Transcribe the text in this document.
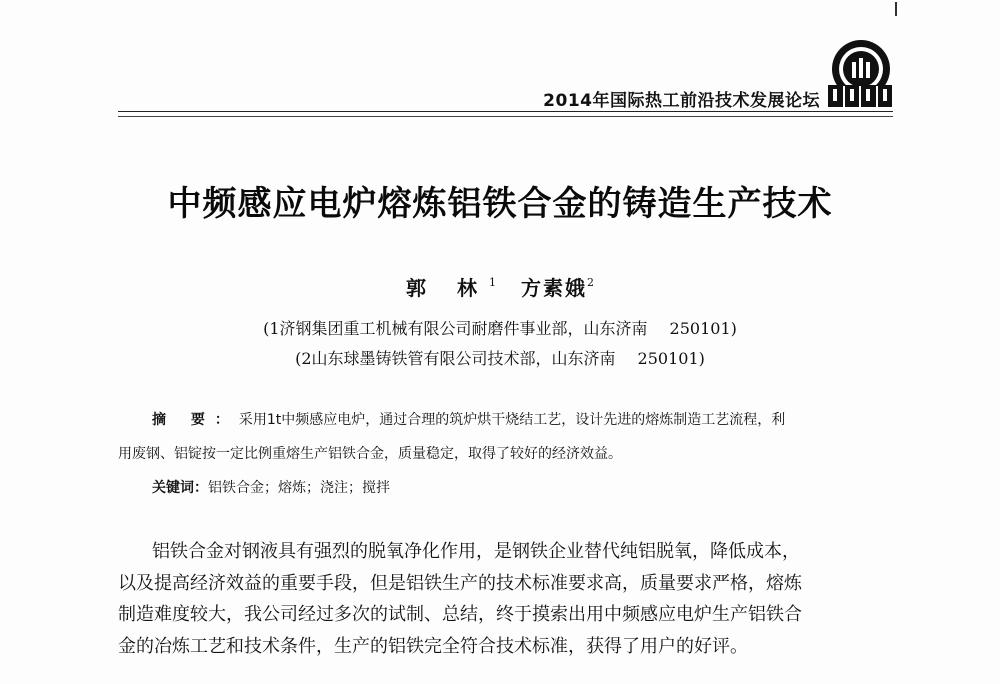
2014年国际热工前沿技术发展论坛
中频感应电炉熔炼铝铁合金的铸造生产技术
郭 林$^1$ 方素娥$^2$
(1济钢集团重工机械有限公司耐磨件事业部，山东济南 250101)
(2山东球墨铸铁管有限公司技术部，山东济南 250101)
摘 要：采用1t中频感应电炉，通过合理的筑炉烘干烧结工艺，设计先进的熔炼制造工艺流程，利
用废钢、铝锭按一定比例重熔生产铝铁合金，质量稳定，取得了较好的经济效益。
关键词：铝铁合金；熔炼；浇注；搅拌
铝铁合金对钢液具有强烈的脱氧净化作用，是钢铁企业替代纯铝脱氧，降低成本，
以及提高经济效益的重要手段，但是铝铁生产的技术标准要求高，质量要求严格，熔炼
制造难度较大，我公司经过多次的试制、总结，终于摸索出用中频感应电炉生产铝铁合
金的冶炼工艺和技术条件，生产的铝铁完全符合技术标准，获得了用户的好评。
